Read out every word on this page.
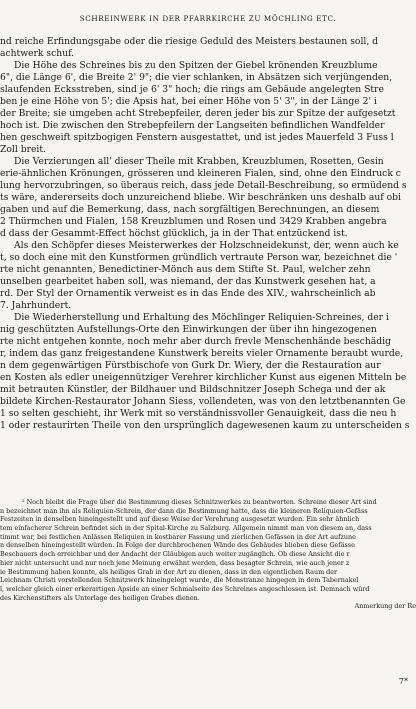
SCHREINWERK IN DER PFARRKIRCHE ZU MÖCHLING ETC.
nd reiche Erfindungsgabe oder die riesige Geduld des Meisters bestaunen soll, d
achtwerk schuf.
Die Höhe des Schreines bis zu den Spitzen der Giebel krönenden Kreuzblume
6", die Länge 6', die Breite 2' 9"; die vier schlanken, in Absätzen sich verjüngenden,
slaufenden Ecksstreben, sind je 6' 3" hoch; die rings am Gebäude angelegten Stre
ben je eine Höhe von 5'; die Apsis hat, bei einer Höhe von 5' 3", in der Länge 2' i
der Breite; sie umgeben acht Strebepfeiler, deren jeder bis zur Spitze der aufgesetzt
hoch ist. Die zwischen den Strebepfeilern der Langseiten befindlichen Wandfelder
hen geschweift spitzbogigen Fenstern ausgestattet, und ist jedes Mauerfeld 3 Fuss l
Zoll breit.
Die Verzierungen all' dieser Theile mit Krabben, Kreuzblumen, Rosetten, Gesin
erie-ähnlichen Krönungen, grösseren und kleineren Fialen, sind, ohne den Eindruck c
lung hervorzubringen, so überaus reich, dass jede Detail-Beschreibung, so ermüdend s
ts wäre, andererseits doch unzureichend bliebe. Wir beschränken uns deshalb auf obi
gaben und auf die Bemerkung, dass, nach sorgfältigen Berechnungen, an diesem
2 Thürmchen und Fialen, 158 Kreuzblumen und Rosen und 3429 Krabben angebra
d dass der Gesammt-Effect höchst glücklich, ja in der That entzückend ist.
Als den Schöpfer dieses Meisterwerkes der Holzschneidekunst, der, wenn auch ke
t, so doch eine mit den Kunstformen gründlich vertraute Person war, bezeichnet die '
rte nicht genannten, Benedictiner-Mönch aus dem Stifte St. Paul, welcher zehn
unselben gearbeitet haben soll, was niemand, der das Kunstwerk gesehen hat, a
rd. Der Styl der Ornamentik verweist es in das Ende des XIV., wahrscheinlich ab
7. Jahrhundert.
Die Wiederherstellung und Erhaltung des Möchlinger Reliquien-Schreines, der i
nig geschützten Aufstellungs-Orte den Einwirkungen der über ihn hingezogenen
rte nicht entgehen konnte, noch mehr aber durch frevle Menschenhände beschädig
r, indem das ganz freigestandene Kunstwerk bereits vieler Ornamente beraubt wurde,
n dem gegenwärtigen Fürstbischofe von Gurk Dr. Wiery, der die Restauration aur
en Kosten als edler uneigennütziger Verehrer kirchlicher Kunst aus eigenen Mitteln be
mit betrauten Künstler, der Bildhauer und Bildschnitzer Joseph Schega und der ak
bildete Kirchen-Restaurator Johann Siess, vollendeten, was von den letztbenannten Ge
1 so selten geschieht, ihr Werk mit so verständnissvoller Genauigkeit, dass die neu h
1 oder restaurirten Theile von den ursprünglich dagewesenen kaum zu unterscheiden s
² Noch bleibt die Frage über die Bestimmung dieses Schnitzwerkes zu beantworten. Schreine dieser Art sind
n bezeichnet man ihn als Reliquien-Schrein, der dann die Bestimmung hatte, dass die kleineren Reliquien-Gefäss
Festzeiten in denselben hineingestellt und auf diese Weise der Verehrung ausgesetzt wurden. Ein sehr ähnlich
tem einfacherer Schrein befindet sich in der Spital-Kirche zu Salzburg. Allgemein nimmt man von diesem an, dass
timmt war, bei festlichen Anlässen Reliquien in kostbarer Fassung und zierlichen Gefässen in der Art aufzune
n denselben hineingestellt würden. In Folge der durchbrochenen Wände des Gebäudes blieben diese Gefässe
Beschauers doch erreichbar und der Andacht der Gläubigen auch weiter zugänglich. Ob diese Ansicht die r
hier nicht untersucht und nur noch jene Meinung erwähnt werden, dass besagter Schrein, wie auch jener z
ie Bestimmung haben konnte, als heiliges Grab in der Art zu dienen, dass in den eigentlichen Raum der
Leichnam Christi vorstellenden Schnitzwerk hineingelegt wurde, die Monstranze hingegen in dem Tabernakel
l, welcher gleich einer erkerartigen Apside an einer Schmalseite des Schreines angeschlossen ist. Demnach würd
des Kirchenstifters als Unterlage des heiligen Grabes dienen.
Anmerkung der Re
7*
